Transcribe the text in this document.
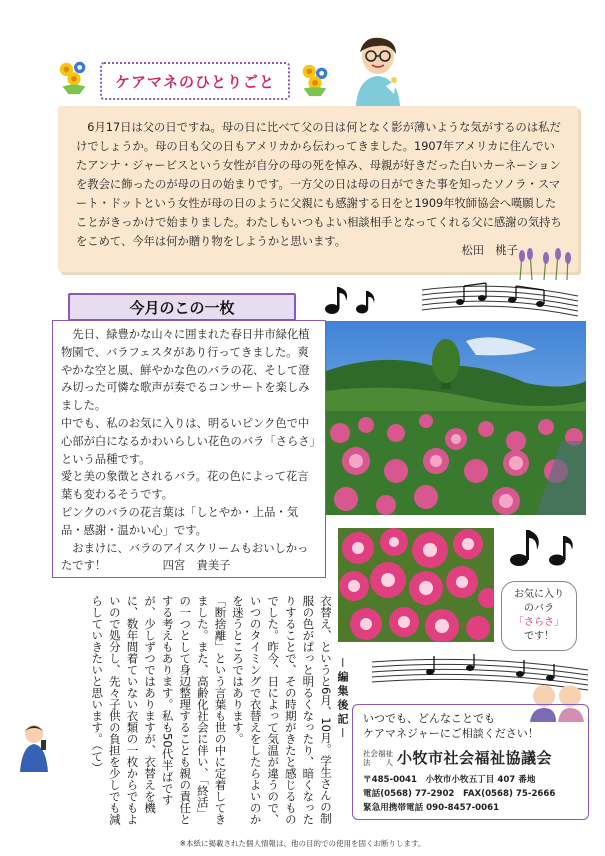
ケアマネのひとりごと
6月17日は父の日ですね。母の日に比べて父の日は何となく影が薄いような気がするのは私だけでしょうか。母の日も父の日もアメリカから伝わってきました。1907年アメリカに住んでいたアンナ・ジャービスという女性が自分の母の死を悼み、母親が好きだった白いカーネーションを教会に飾ったのが母の日の始まりです。一方父の日は母の日ができた事を知ったソノラ・スマート・ドットという女性が母の日のように父親にも感謝する日をと1909年牧師協会へ嘆願したことがきっかけで始まりました。わたしもいつもよい相談相手となってくれる父に感謝の気持ちをこめて、今年は何か贈り物をしようかと思います。
松田　桃子
今月のこの一枚

　先日、緑豊かな山々に囲まれた春日井市緑化植物園で、バラフェスタがあり行ってきました。爽やかな空と風、鮮やかな色のバラの花、そして澄み切った可憐な歌声が奏でるコンサートを楽しみました。

中でも、私のお気に入りは、明るいピンク色で中心部が白になるかわいらしい花色のバラ「さらさ」という品種です。

愛と美の象徴とされるバラ。花の色によって花言葉も変わるそうです。

ピンクのバラの花言葉は「しとやか・上品・気品・感謝・温かい心」です。

　おまけに、バラのアイスクリームもおいしかったです！　　　　　四宮　貴美子

お気に入り
のバラ
「さらさ」
です！
－編集後記－

衣替え、というと6月、10月。学生さんの制服の色がぱっと明るくなったり、暗くなったりすることで、その時期がきたと感じるものでした。昨今、日によって気温が違うので、いつのタイミングで衣替えをしたらよいのかを迷うところではあります。

「断捨離」という言葉も世の中に定着してきました。また、高齢化社会に伴い、「終活」の一つとして身辺整理することも親の責任とする考えもあります。私も50代半ばですが、少しずつではありますが、衣替えを機に、数年間着ていない衣類の一枚からでもよいので処分し、先々子供の負担を少しでも減らしていきたいと思います。（て）	いつでも、どんなことでも
ケアマネジャーにご相談ください！
社会福祉
法　　人 小牧市社会福祉協議会
〒485-0041　小牧市小牧五丁目 407 番地
電話(0568) 77-2902　FAX(0568) 75-2666
緊急用携帯電話 090-8457-0061
※本紙に掲載された個人情報は、他の目的での使用を固くお断りします。
